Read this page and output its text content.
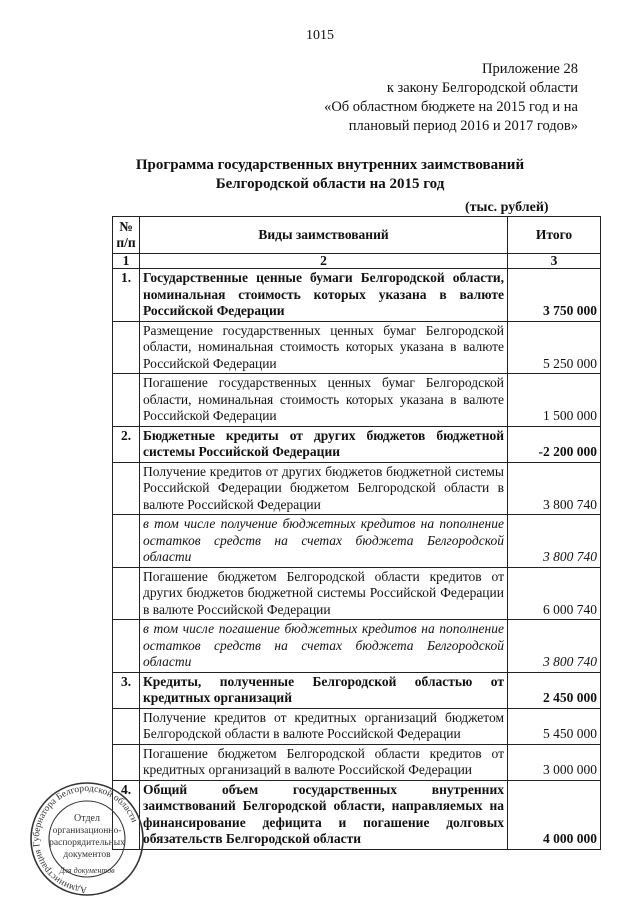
1015
Приложение 28
к закону Белгородской области
«Об областном бюджете на 2015 год и на
плановый период 2016 и 2017 годов»
Программа государственных внутренних заимствований
Белгородской области на 2015 год
(тыс. рублей)
№ п/п	Виды заимствований	Итого
1	2	3
1.	Государственные ценные бумаги Белгородской области, номинальная стоимость которых указана в валюте Российской Федерации	3 750 000
	Размещение государственных ценных бумаг Белгородской области, номинальная стоимость которых указана в валюте Российской Федерации	5 250 000
	Погашение государственных ценных бумаг Белгородской области, номинальная стоимость которых указана в валюте Российской Федерации	1 500 000
2.	Бюджетные кредиты от других бюджетов бюджетной системы Российской Федерации	-2 200 000
	Получение кредитов от других бюджетов бюджетной системы Российской Федерации бюджетом Белгородской области в валюте Российской Федерации	3 800 740
	в том числе получение бюджетных кредитов на пополнение остатков средств на счетах бюджета Белгородской области	3 800 740
	Погашение бюджетом Белгородской области кредитов от других бюджетов бюджетной системы Российской Федерации в валюте Российской Федерации	6 000 740
	в том числе погашение бюджетных кредитов на пополнение остатков средств на счетах бюджета Белгородской области	3 800 740
3.	Кредиты, полученные Белгородской областью от кредитных организаций	2 450 000
	Получение кредитов от кредитных организаций бюджетом Белгородской области в валюте Российской Федерации	5 450 000
	Погашение бюджетом Белгородской области кредитов от кредитных организаций в валюте Российской Федерации	3 000 000
4.	Общий объем государственных внутренних заимствований Белгородской области, направляемых на финансирование дефицита и погашение долговых обязательств Белгородской области	4 000 000
Администрация Губернатора Белгородской области
Отдел
организационно-
распорядительных
документов
Для документов
